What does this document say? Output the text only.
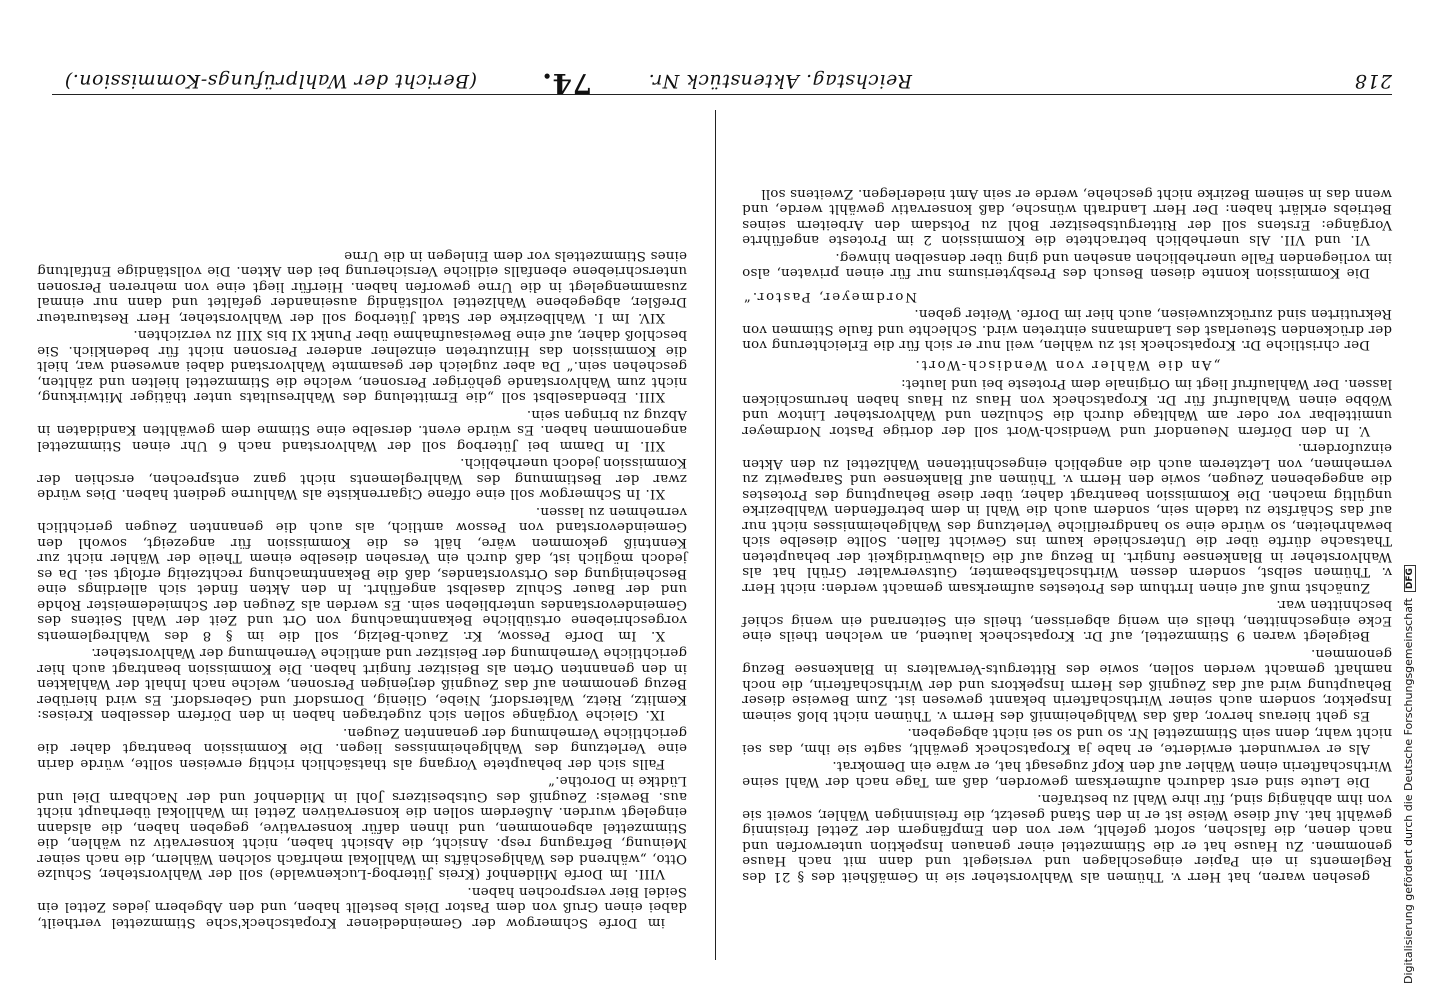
218
Reichstag. Aktenstück Nr.
74.
(Bericht der Wahlprüfungs-Kommission.)

gesehen waren, hat Herr v. Thümen als Wahlvorsteher sie in Gemäßheit des § 21 des Reglements in ein Papier eingeschlagen und versiegelt und dann mit nach Hause genommen. Zu Hause hat er die Stimmzettel einer genauen Inspektion unterworfen und nach denen, die falschen, sofort gefehlt, wer von den Empfängern der Zettel freisinnig gewählt hat. Auf diese Weise ist er in den Stand gesetzt, die freisinnigen Wähler, soweit sie von ihm abhängig sind, für ihre Wahl zu bestrafen.

Die Leute sind erst dadurch aufmerksam geworden, daß am Tage nach der Wahl seine Wirthschafterin einen Wähler auf den Kopf zugesagt hat, er wäre ein Demokrat.

Als er verwundert erwiderte, er habe ja Kropatscheck gewählt, sagte sie ihm, das sei nicht wahr, denn sein Stimmzettel Nr. so und so sei nicht abgegeben.

Es geht hieraus hervor, daß das Wahlgeheimniß des Herrn v. Thümen nicht bloß seinem Inspektor, sondern auch seiner Wirthschafterin bekannt gewesen ist. Zum Beweise dieser Behauptung wird auf das Zeugniß des Herrn Inspektors und der Wirthschafterin, die noch namhaft gemacht werden sollen, sowie des Ritterguts-Verwalters in Blankensee Bezug genommen.

Beigelegt waren 9 Stimmzettel, auf Dr. Kropatscheck lautend, an welchen theils eine Ecke eingeschnitten, theils ein wenig abgerissen, theils ein Seitenrand ein wenig schief beschnitten war.

Zunächst muß auf einen Irrthum des Protestes aufmerksam gemacht werden: nicht Herr v. Thümen selbst, sondern dessen Wirthschaftsbeamter, Gutsverwalter Grühl hat als Wahlvorsteher in Blankensee fungirt. In Bezug auf die Glaubwürdigkeit der behaupteten Thatsache dürfte über die Unterschiede kaum ins Gewicht fallen. Sollte dieselbe sich bewahrheiten, so würde eine so handgreifliche Verletzung des Wahlgeheimnisses nicht nur auf das Schärfste zu tadeln sein, sondern auch die Wahl in dem betreffenden Wahlbezirke ungültig machen. Die Kommission beantragt daher, über diese Behauptung des Protestes die angegebenen Zeugen, sowie den Herrn v. Thümen auf Blankensee und Sarapewitz zu vernehmen, von Letzterem auch die angeblich eingeschnittenen Wahlzettel zu den Akten einzufordern.

V. In den Dörfern Neuendorf und Wendisch-Wort soll der dortige Pastor Nordmeyer unmittelbar vor oder am Wahltage durch die Schulzen und Wahlvorsteher Lintow und Wöbbe einen Wahlaufruf für Dr. Kropatscheck von Haus zu Haus haben herumschicken lassen. Der Wahlaufruf liegt im Originale dem Proteste bei und lautet:

„An die Wähler von Wendisch-Wort.

Der christliche Dr. Kropatscheck ist zu wählen, weil nur er sich für die Erleichterung von der drückenden Steuerlast des Landmanns eintreten wird. Schlechte und faule Stimmen von Rekrutirten sind zurückzuweisen, auch hier im Dorfe. Weiter geben.

Nordmeyer, Pastor.“

Die Kommission konnte diesen Besuch des Presbyterisums nur für einen privaten, also im vorliegenden Falle unerheblichen ansehen und ging über denselben hinweg.

VI. und VII. Als unerheblich betrachtete die Kommission 2 im Proteste angeführte Vorgänge: Erstens soll der Rittergutsbesitzer Bohl zu Potsdam den Arbeitern seines Betriebs erklärt haben: Der Herr Landrath wünsche, daß konservativ gewählt werde, und wenn das in seinem Bezirke nicht geschehe, werde er sein Amt niederlegen. Zweitens soll

im Dorfe Schmergow der Gemeindediener Kropatscheck'sche Stimmzettel vertheilt, dabei einen Gruß von dem Pastor Diels bestellt haben, und den Abgebern jedes Zettel ein Seidel Bier versprochen haben.

VIII. Im Dorfe Mildenhof (Kreis Jüterbog-Luckenwalde) soll der Wahlvorsteher, Schulze Otto, „während des Wahlgeschäfts im Wahllokal mehrfach solchen Wählern, die nach seiner Meinung, Befragung resp. Ansicht, die Absicht haben, nicht konservativ zu wählen, die Stimmzettel abgenommen, und ihnen dafür konservative, gegeben haben, die alsdann eingelegt wurden. Außerdem sollen die konservativen Zettel im Wahllokal überhaupt nicht aus. Beweis: Zeugniß des Gutsbesitzers Johl in Mildenhof und der Nachbarn Diel und Lüdtke in Dorothe.“

Falls sich der behauptete Vorgang als thatsächlich richtig erweisen sollte, würde darin eine Verletzung des Wahlgeheimnisses liegen. Die Kommission beantragt daher die gerichtliche Vernehmung der genannten Zeugen.

IX. Gleiche Vorgänge sollen sich zugetragen haben in den Dörfern desselben Kreises: Kemlitz, Rietz, Waltersdorf, Niebe, Glienig, Dornsdorf und Gebersdorf. Es wird hierüber Bezug genommen auf das Zeugniß derjenigen Personen, welche nach Inhalt der Wahlakten in den genannten Orten als Beisitzer fungirt haben. Die Kommission beantragt auch hier gerichtliche Vernehmung der Beisitzer und amtliche Vernehmung der Wahlvorsteher.

X. Im Dorfe Pessow, Kr. Zauch-Belzig, soll die im § 8 des Wahlreglements vorgeschriebene ortsübliche Bekanntmachung von Ort und Zeit der Wahl Seitens des Gemeindevorstandes unterblieben sein. Es werden als Zeugen der Schmiedemeister Rohde und der Bauer Schulz daselbst angeführt. In den Akten findet sich allerdings eine Bescheinigung des Ortsvorstandes, daß die Bekanntmachung rechtzeitig erfolgt sei. Da es jedoch möglich ist, daß durch ein Versehen dieselbe einem Theile der Wähler nicht zur Kenntniß gekommen wäre, hält es die Kommission für angezeigt, sowohl den Gemeindevorstand von Pessow amtlich, als auch die genannten Zeugen gerichtlich vernehmen zu lassen.

XI. In Schmergow soll eine offene Cigarrenkiste als Wahlurne gedient haben. Dies würde zwar der Bestimmung des Wahlreglements nicht ganz entsprechen, erschien der Kommission jedoch unerheblich.

XII. In Damm bei Jüterbog soll der Wahlvorstand nach 6 Uhr einen Stimmzettel angenommen haben. Es würde event. derselbe eine Stimme dem gewählten Kandidaten in Abzug zu bringen sein.

XIII. Ebendaselbst soll „die Ermittelung des Wahlresultats unter thätiger Mitwirkung, nicht zum Wahlvorstande gehöriger Personen, welche die Stimmzettel hielten und zählten, geschehen sein.“ Da aber zugleich der gesammte Wahlvorstand dabei anwesend war, hielt die Kommission das Hinzutreten einzelner anderer Personen nicht für bedenklich. Sie beschloß daher, auf eine Beweisaufnahme über Punkt XI bis XIII zu verzichten.

XIV. Im I. Wahlbezirke der Stadt Jüterbog soll der Wahlvorsteher, Herr Restaurateur Dreßler, abgegebene Wahlzettel vollständig auseinander gefaltet und dann nur einmal zusammengelegt in die Urne geworfen haben. Hierfür liegt eine von mehreren Personen unterschriebene ebenfalls eidliche Versicherung bei den Akten. Die vollständige Entfaltung eines Stimmzettels vor dem Einlegen in die Urne

Digitalisierung gefördert durch die Deutsche ForschungsgemeinschaftDFG
